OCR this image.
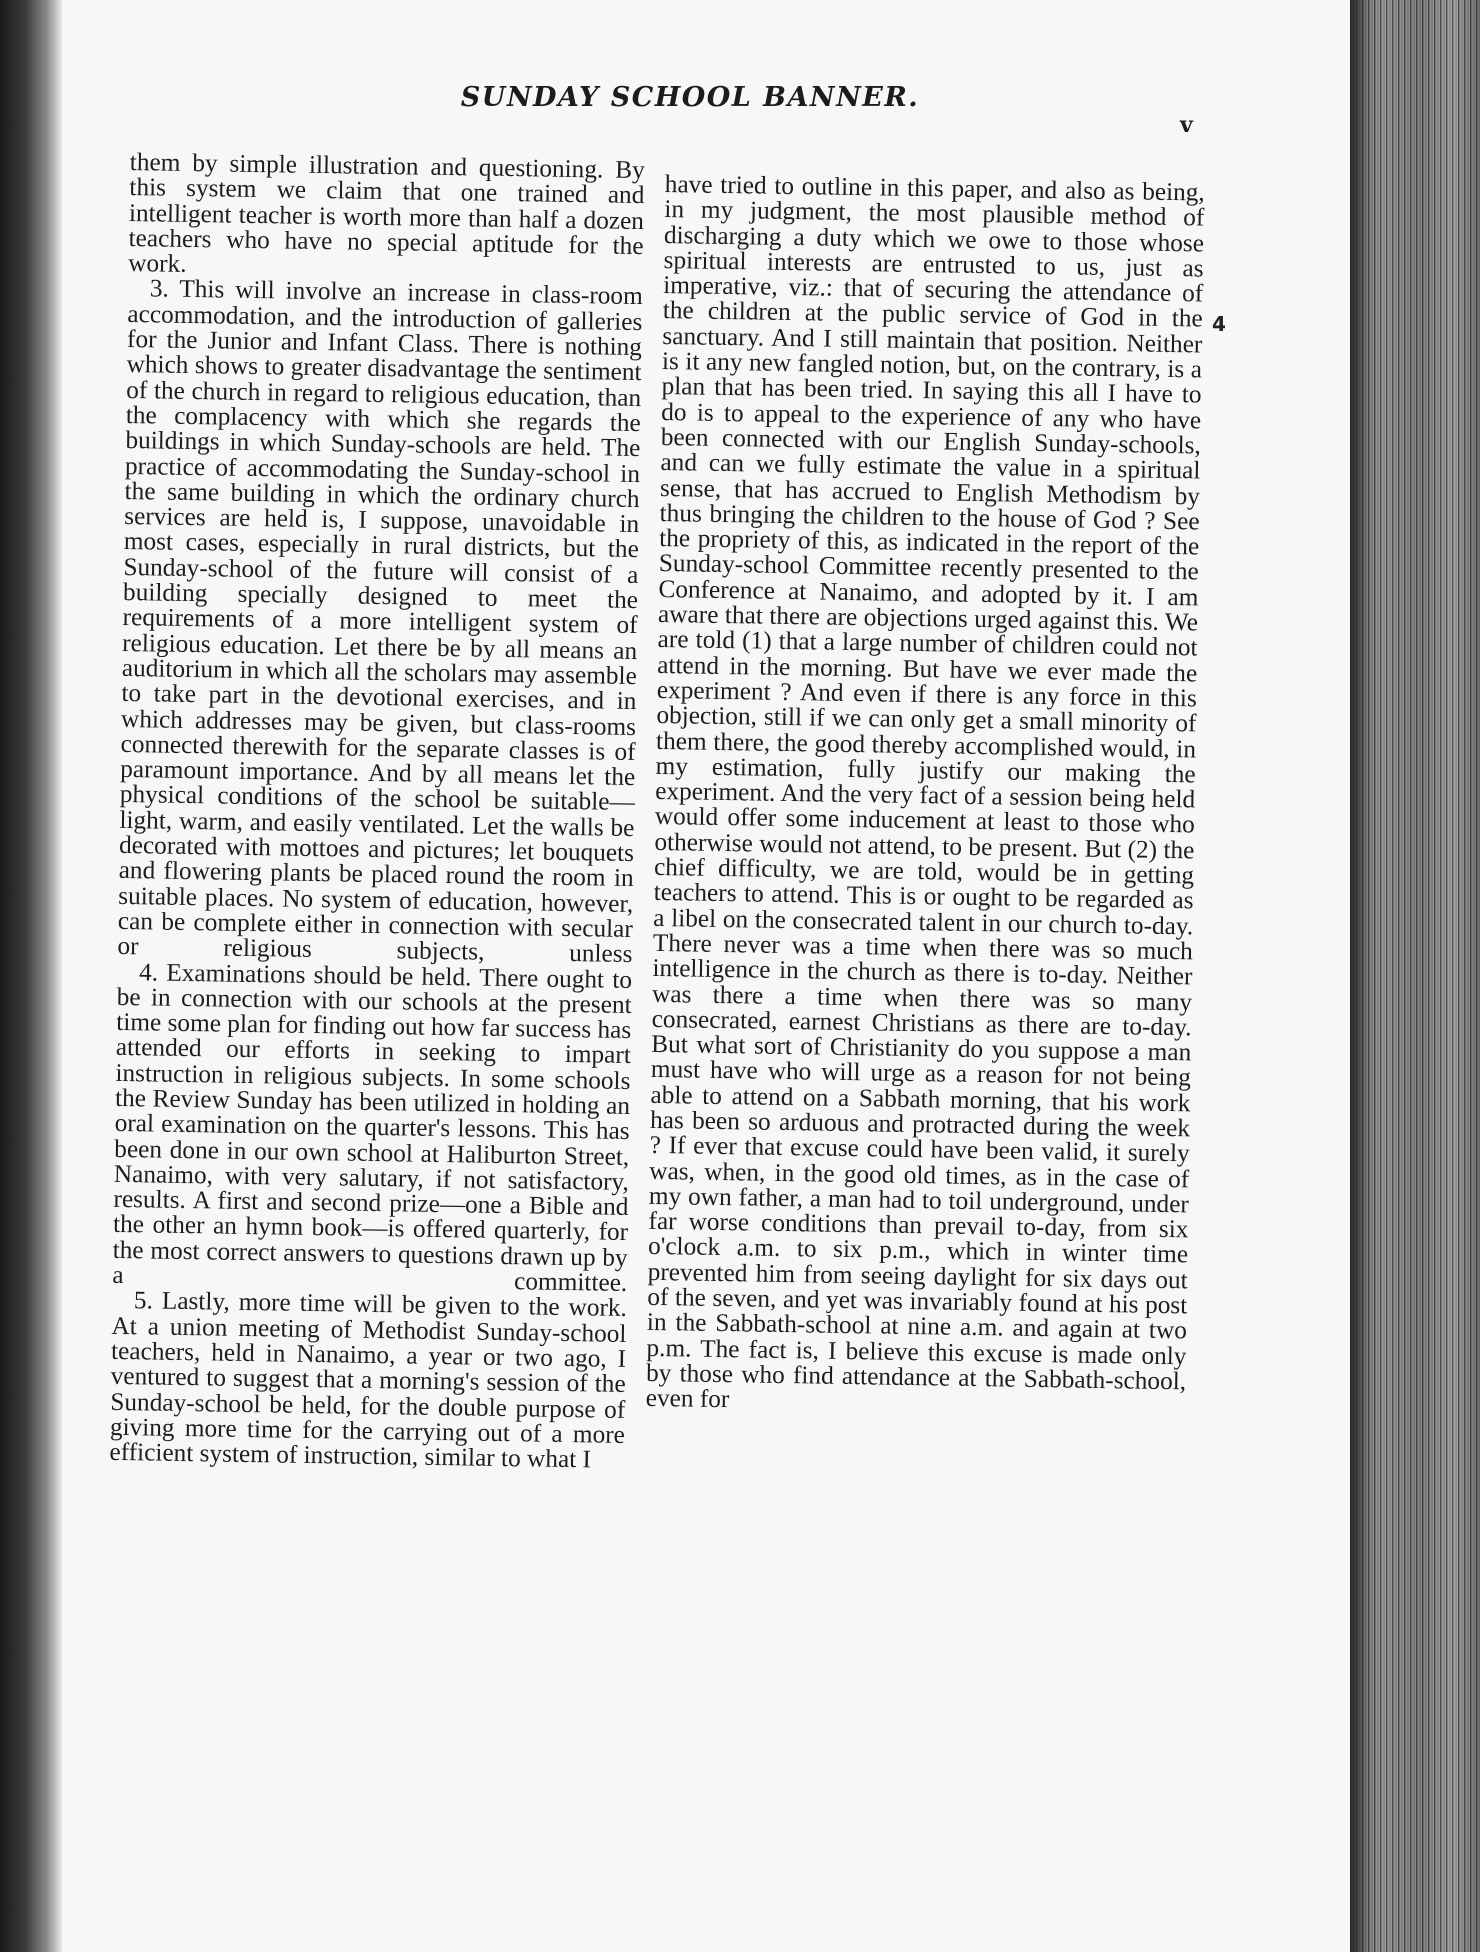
SUNDAY SCHOOL BANNER.
v
4

them by simple illustration and questioning. By this system we claim that one trained and intelligent teacher is worth more than half a dozen teachers who have no special aptitude for the work.

3. This will involve an increase in class-room accommodation, and the introduction of galleries for the Junior and Infant Class. There is nothing which shows to greater disadvantage the sentiment of the church in regard to religious education, than the complacency with which she regards the buildings in which Sunday-schools are held. The practice of accommodating the Sunday-school in the same building in which the ordinary church services are held is, I suppose, unavoidable in most cases, especially in rural districts, but the Sunday-school of the future will consist of a building specially designed to meet the requirements of a more intelligent system of religious education. Let there be by all means an auditorium in which all the scholars may assemble to take part in the devotional exercises, and in which addresses may be given, but class-rooms connected therewith for the separate classes is of paramount importance. And by all means let the physical conditions of the school be suitable—light, warm, and easily ventilated. Let the walls be decorated with mottoes and pictures; let bouquets and flowering plants be placed round the room in suitable places. No system of education, however, can be complete either in connection with secular or religious subjects, unless

4. Examinations should be held. There ought to be in connection with our schools at the present time some plan for finding out how far success has attended our efforts in seeking to impart instruction in religious subjects. In some schools the Review Sunday has been utilized in holding an oral examination on the quarter's lessons. This has been done in our own school at Haliburton Street, Nanaimo, with very salutary, if not satisfactory, results. A first and second prize—one a Bible and the other an hymn book—is offered quarterly, for the most correct answers to questions drawn up by a committee.

5. Lastly, more time will be given to the work. At a union meeting of Methodist Sunday-school teachers, held in Nanaimo, a year or two ago, I ventured to suggest that a morning's session of the Sunday-school be held, for the double purpose of giving more time for the carrying out of a more efficient system of instruction, similar to what I

have tried to outline in this paper, and also as being, in my judgment, the most plausible method of discharging a duty which we owe to those whose spiritual interests are entrusted to us, just as imperative, viz.: that of securing the attendance of the children at the public service of God in the sanctuary. And I still maintain that position. Neither is it any new fangled notion, but, on the contrary, is a plan that has been tried. In saying this all I have to do is to appeal to the experience of any who have been connected with our English Sunday-schools, and can we fully estimate the value in a spiritual sense, that has accrued to English Methodism by thus bringing the children to the house of God ? See the propriety of this, as indicated in the report of the Sunday-school Committee recently presented to the Conference at Nanaimo, and adopted by it. I am aware that there are objections urged against this. We are told (1) that a large number of children could not attend in the morning. But have we ever made the experiment ? And even if there is any force in this objection, still if we can only get a small minority of them there, the good thereby accomplished would, in my estimation, fully justify our making the experiment. And the very fact of a session being held would offer some inducement at least to those who otherwise would not attend, to be present. But (2) the chief difficulty, we are told, would be in getting teachers to attend. This is or ought to be regarded as a libel on the consecrated talent in our church to-day. There never was a time when there was so much intelligence in the church as there is to-day. Neither was there a time when there was so many consecrated, earnest Christians as there are to-day. But what sort of Christianity do you suppose a man must have who will urge as a reason for not being able to attend on a Sabbath morning, that his work has been so arduous and protracted during the week ? If ever that excuse could have been valid, it surely was, when, in the good old times, as in the case of my own father, a man had to toil underground, under far worse conditions than prevail to-day, from six o'clock a.m. to six p.m., which in winter time prevented him from seeing daylight for six days out of the seven, and yet was invariably found at his post in the Sabbath-school at nine a.m. and again at two p.m. The fact is, I believe this excuse is made only by those who find attendance at the Sabbath-school, even for
